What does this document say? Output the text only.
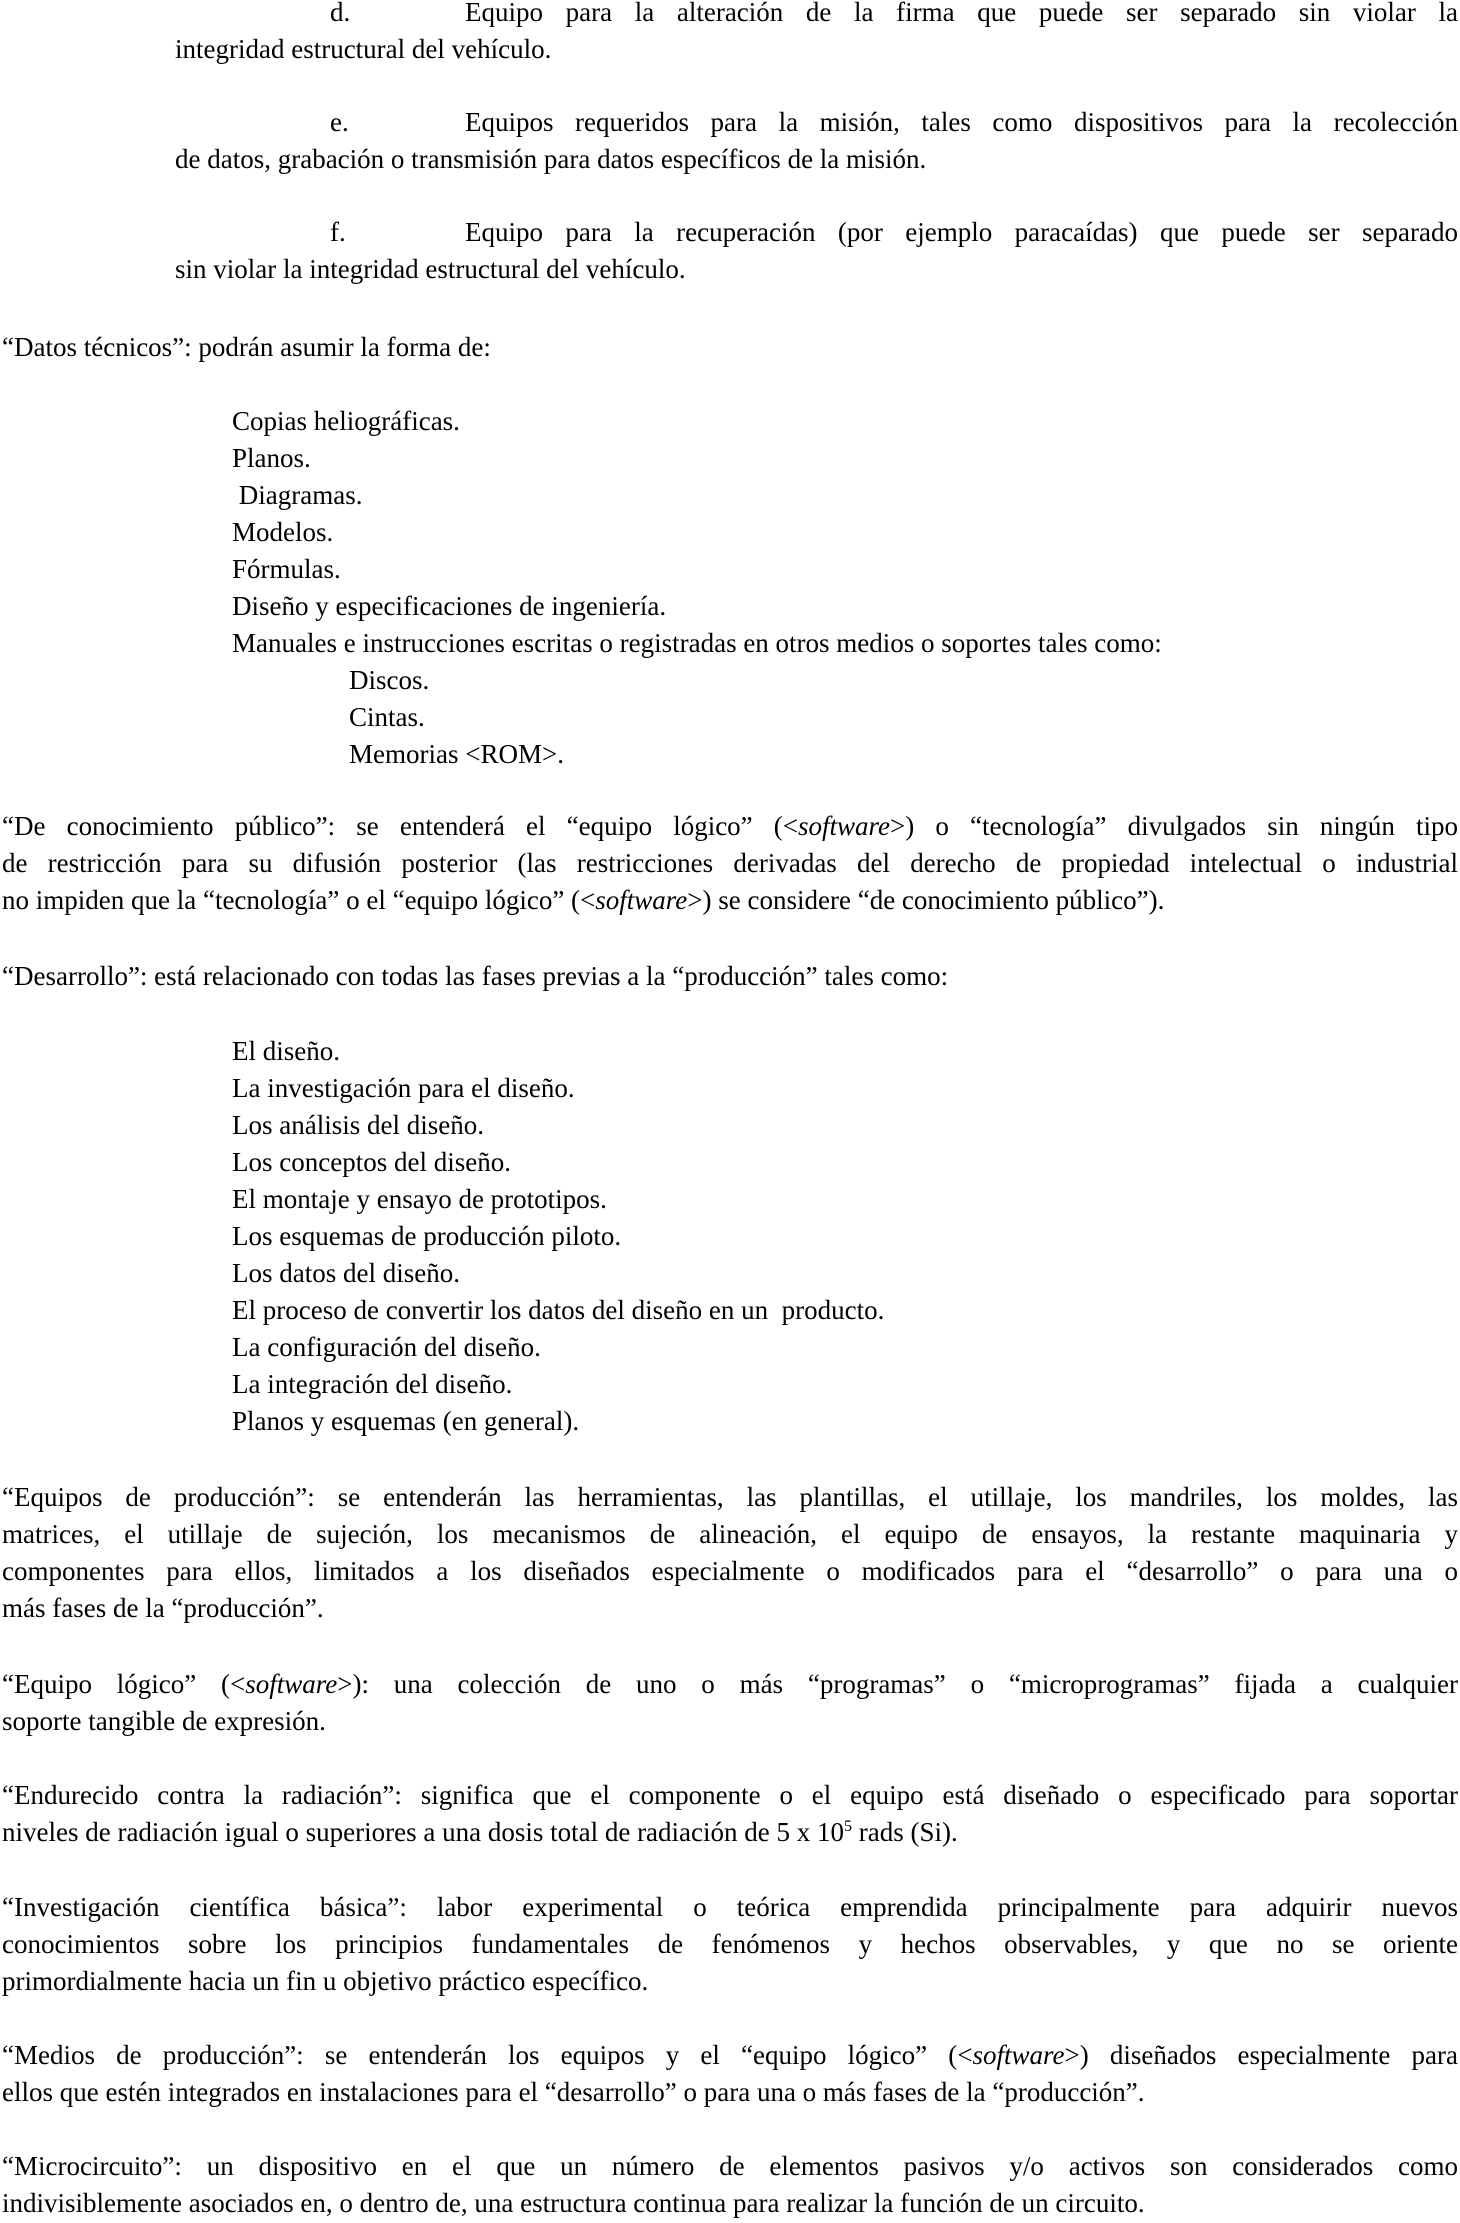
d.	Equipo para la alteración de la firma que puede ser separado sin violar la
integridad estructural del vehículo.
e.	Equipos requeridos para la misión, tales como dispositivos para la recolección
de datos, grabación o transmisión para datos específicos de la misión.
f.	Equipo para la recuperación (por ejemplo paracaídas) que puede ser separado
sin violar la integridad estructural del vehículo.
“Datos técnicos”: podrán asumir la forma de:
Copias heliográficas.
Planos.
Diagramas.
Modelos.
Fórmulas.
Diseño y especificaciones de ingeniería.
Manuales e instrucciones escritas o registradas en otros medios o soportes tales como:
Discos.
Cintas.
Memorias <ROM>.
“De conocimiento público”: se entenderá el “equipo lógico” (<software>) o “tecnología” divulgados sin ningún tipo
de restricción para su difusión posterior (las restricciones derivadas del derecho de propiedad intelectual o industrial
no impiden que la “tecnología” o el “equipo lógico” (<software>) se considere “de conocimiento público”).
“Desarrollo”: está relacionado con todas las fases previas a la “producción” tales como:
El diseño.
La investigación para el diseño.
Los análisis del diseño.
Los conceptos del diseño.
El montaje y ensayo de prototipos.
Los esquemas de producción piloto.
Los datos del diseño.
El proceso de convertir los datos del diseño en un  producto.
La configuración del diseño.
La integración del diseño.
Planos y esquemas (en general).
“Equipos de producción”: se entenderán las herramientas, las plantillas, el utillaje, los mandriles, los moldes, las
matrices, el utillaje de sujeción, los mecanismos de alineación, el equipo de ensayos, la restante maquinaria y
componentes para ellos, limitados a los diseñados especialmente o modificados para el “desarrollo” o para una o
más fases de la “producción”.
“Equipo lógico” (<software>): una colección de uno o más “programas” o “microprogramas” fijada a cualquier
soporte tangible de expresión.
“Endurecido contra la radiación”: significa que el componente o el equipo está diseñado o especificado para soportar
niveles de radiación igual o superiores a una dosis total de radiación de 5 x $10^5$ rads (Si).
“Investigación científica básica”: labor experimental o teórica emprendida principalmente para adquirir nuevos
conocimientos sobre los principios fundamentales de fenómenos y hechos observables, y que no se oriente
primordialmente hacia un fin u objetivo práctico específico.
“Medios de producción”: se entenderán los equipos y el “equipo lógico” (<software>) diseñados especialmente para
ellos que estén integrados en instalaciones para el “desarrollo” o para una o más fases de la “producción”.
“Microcircuito”: un dispositivo en el que un número de elementos pasivos y/o activos son considerados como
indivisiblemente asociados en, o dentro de, una estructura continua para realizar la función de un circuito.
